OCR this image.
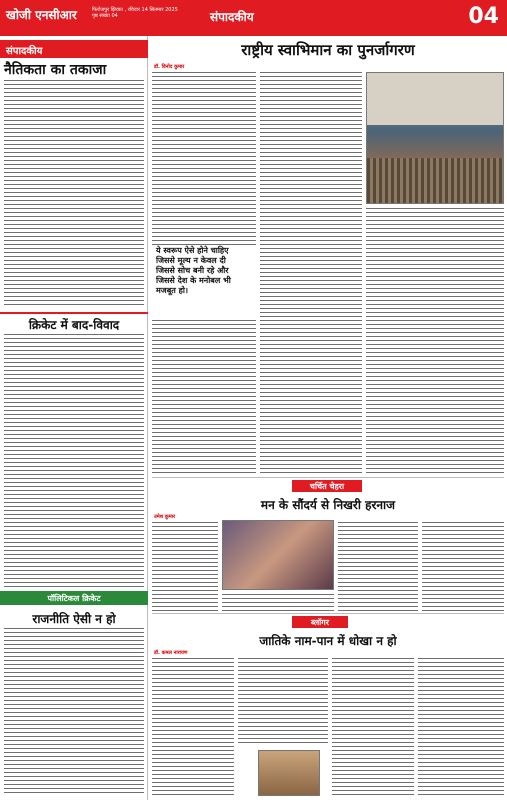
खोजी एनसीआर	फिरोजपुर झिरका , रविवार 14 सितम्बर 2025
पृष्ठ संख्या 04	संपादकीय	04
संपादकीय
नैतिकता का तकाजा
क्रिकेट में बाद-विवाद
पॉलिटिकल क्रिकेट
राजनीति ऐसी न हो
राष्ट्रीय स्वाभिमान का पुनर्जागरण
डॉ. विनोद कुमार
ये स्वरूप ऐसे होने चाहिए जिससे मूल्य न केवल दी जिससे सोच बनी रहे और जिससे देश के मनोबल भी मजबूत हो।
चर्चित चेहरा
मन के सौंदर्य से निखरी हरनाज
उमेश कुमार
ब्लॉगर
जातिके नाम-पान में धोखा न हो
डॉ. कमल नारायण
